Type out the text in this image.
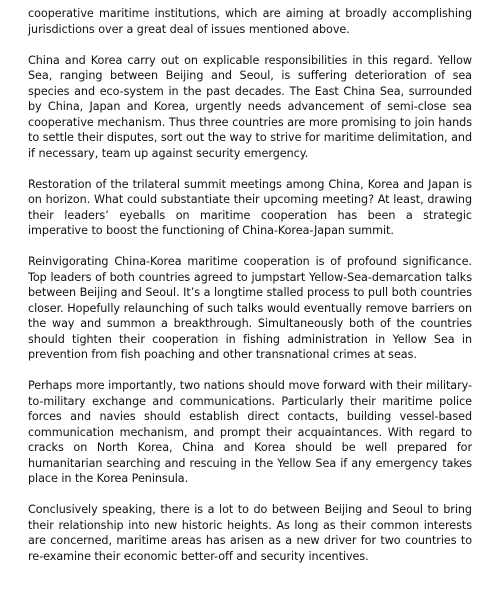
cooperative maritime institutions, which are aiming at broadly accomplishing jurisdictions over a great deal of issues mentioned above.

China and Korea carry out on explicable responsibilities in this regard. Yellow Sea, ranging between Beijing and Seoul, is suffering deterioration of sea species and eco-system in the past decades. The East China Sea, surrounded by China, Japan and Korea, urgently needs advancement of semi-close sea cooperative mechanism. Thus three countries are more promising to join hands to settle their disputes, sort out the way to strive for maritime delimitation, and if necessary, team up against security emergency.

Restoration of the trilateral summit meetings among China, Korea and Japan is on horizon. What could substantiate their upcoming meeting? At least, drawing their leaders’ eyeballs on maritime cooperation has been a strategic imperative to boost the functioning of China-Korea-Japan summit.

Reinvigorating China-Korea maritime cooperation is of profound significance. Top leaders of both countries agreed to jumpstart Yellow-Sea-demarcation talks between Beijing and Seoul. It’s a longtime stalled process to pull both countries closer. Hopefully relaunching of such talks would eventually remove barriers on the way and summon a breakthrough. Simultaneously both of the countries should tighten their cooperation in fishing administration in Yellow Sea in prevention from fish poaching and other transnational crimes at seas.

Perhaps more importantly, two nations should move forward with their military-to-military exchange and communications. Particularly their maritime police forces and navies should establish direct contacts, building vessel-based communication mechanism, and prompt their acquaintances. With regard to cracks on North Korea, China and Korea should be well prepared for humanitarian searching and rescuing in the Yellow Sea if any emergency takes place in the Korea Peninsula.

Conclusively speaking, there is a lot to do between Beijing and Seoul to bring their relationship into new historic heights. As long as their common interests are concerned, maritime areas has arisen as a new driver for two countries to re-examine their economic better-off and security incentives.
